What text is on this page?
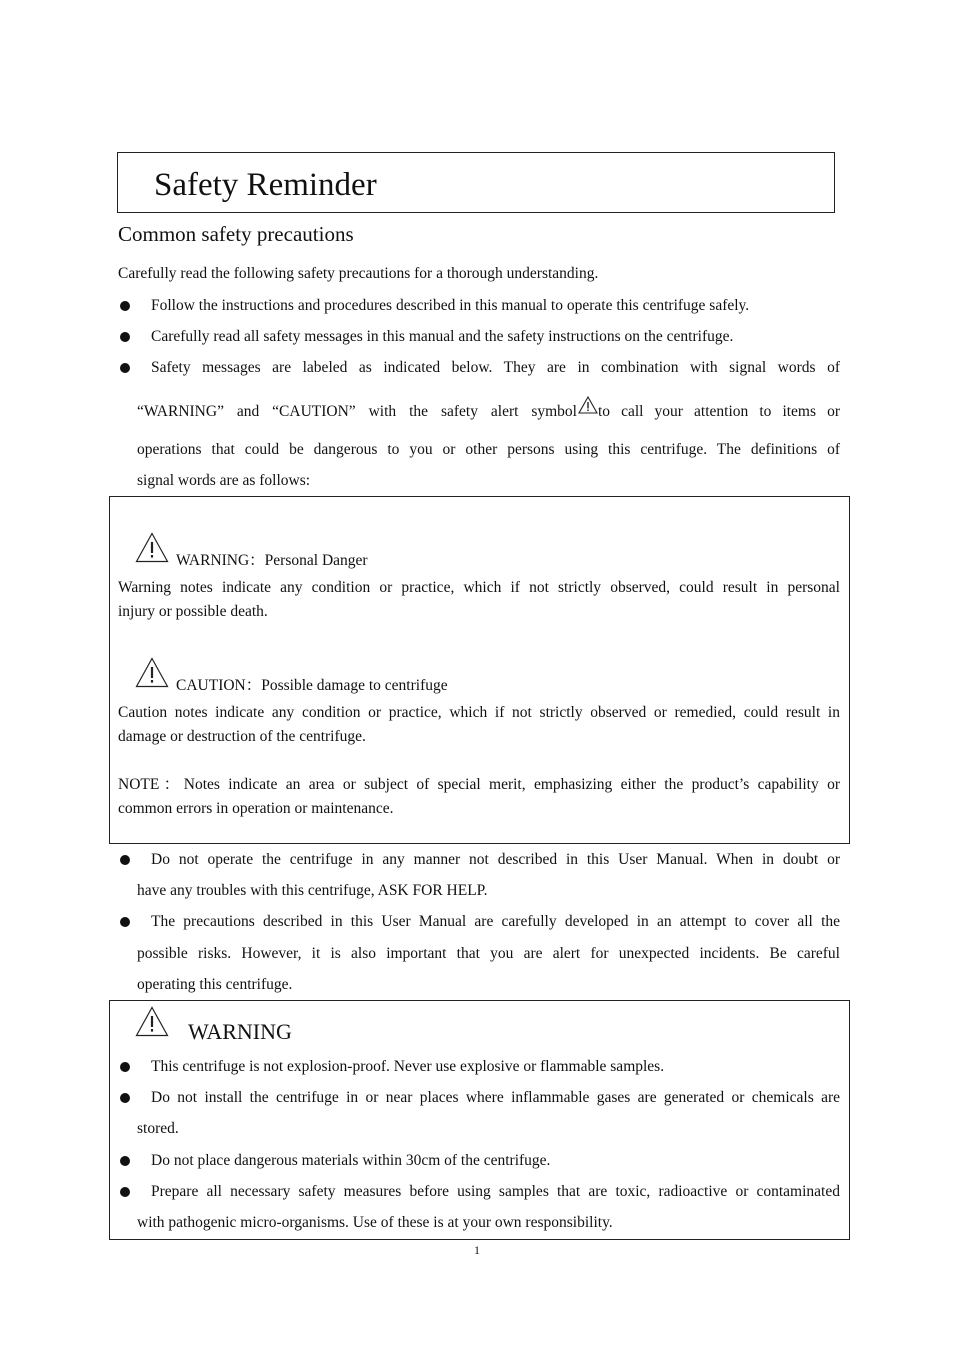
Safety Reminder
Common safety precautions
Carefully read the following safety precautions for a thorough understanding.
Follow the instructions and procedures described in this manual to operate this centrifuge safely.
Carefully read all safety messages in this manual and the safety instructions on the centrifuge.
Safety messages are labeled as indicated below. They are in combination with signal words of
“WARNING” and “CAUTION” with the safety alert symbol to call your attention to items or
operations that could be dangerous to you or other persons using this centrifuge. The definitions of
signal words are as follows:
WARNING：Personal Danger
Warning notes indicate any condition or practice, which if not strictly observed, could result in personal
injury or possible death.
CAUTION：Possible damage to centrifuge
Caution notes indicate any condition or practice, which if not strictly observed or remedied, could result in
damage or destruction of the centrifuge.
NOTE：Notes indicate an area or subject of special merit, emphasizing either the product’s capability or
common errors in operation or maintenance.
Do not operate the centrifuge in any manner not described in this User Manual. When in doubt or
have any troubles with this centrifuge, ASK FOR HELP.
The precautions described in this User Manual are carefully developed in an attempt to cover all the
possible risks. However, it is also important that you are alert for unexpected incidents. Be careful
operating this centrifuge.
WARNING
This centrifuge is not explosion-proof. Never use explosive or flammable samples.
Do not install the centrifuge in or near places where inflammable gases are generated or chemicals are
stored.
Do not place dangerous materials within 30cm of the centrifuge.
Prepare all necessary safety measures before using samples that are toxic, radioactive or contaminated
with pathogenic micro-organisms. Use of these is at your own responsibility.
1
